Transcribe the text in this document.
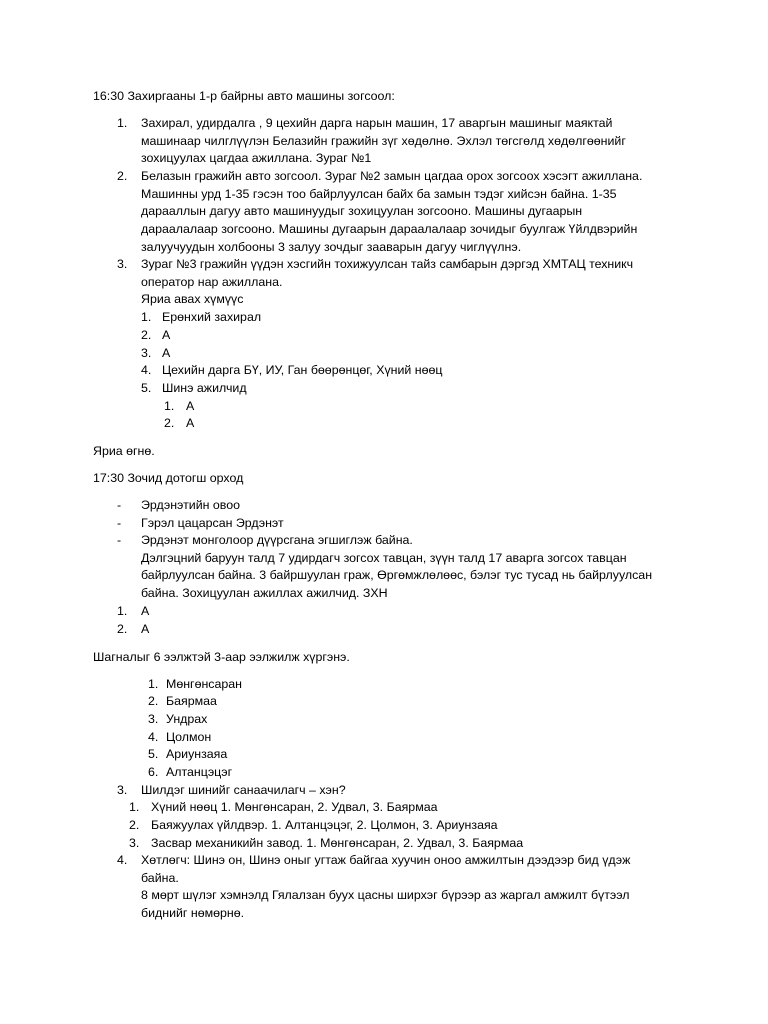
16:30 Захиргааны 1-р байрны авто машины зогсоол:
1. Захирал, удирдалга , 9 цехийн дарга нарын машин, 17 аваргын машиныг маяктай
машинаар чилглүүлэн Белазийн гражийн зүг хөдөлнө. Эхлэл төгсгөлд хөдөлгөөнийг
зохицуулах цагдаа ажиллана. Зураг №1
2. Белазын гражийн авто зогсоол. Зураг №2 замын цагдаа орох зогсоох хэсэгт ажиллана.
Машинны урд 1-35 гэсэн тоо байрлуулсан байх ба замын тэдэг хийсэн байна. 1-35
дарааллын дагуу авто машинуудыг зохицуулан зогсооно. Машины дугаарын
дараалалаар зогсооно. Машины дугаарын дараалалаар зочидыг буулгаж Үйлдвэрийн
залуучуудын холбооны 3 залуу зочдыг зааварын дагуу чиглүүлнэ.
3. Зураг №3 гражийн үүдэн хэсгийн тохижуулсан тайз самбарын дэргэд ХМТАЦ техникч
оператор нар ажиллана.
Яриа авах хүмүүс
1. Ерөнхий захирал
2. А
3. А
4. Цехийн дарга БҮ, ИУ, Ган бөөрөнцөг, Хүний нөөц
5. Шинэ ажилчид
1. А
2. А
Яриа өгнө.
17:30 Зочид дотогш орход
- Эрдэнэтийн овоо
- Гэрэл цацарсан Эрдэнэт
- Эрдэнэт монголоор дүүрсгана эгшиглэж байна.
Дэлгэцний баруун талд 7 удирдагч зогсох тавцан, зүүн талд 17 аварга зогсох тавцан
байрлуулсан байна. 3 байршуулан граж, Өргөмжлөлөөс, бэлэг тус тусад нь байрлуулсан
байна. Зохицуулан ажиллах ажилчид. ЗХН
1. А
2. А
Шагналыг 6 ээлжтэй 3-аар ээлжилж хүргэнэ.
1. Мөнгөнсаран
2. Баярмаа
3. Ундрах
4. Цолмон
5. Ариунзаяа
6. Алтанцэцэг
3. Шилдэг шинийг санаачилагч – хэн?
1. Хүний нөөц 1. Мөнгөнсаран, 2. Удвал, 3. Баярмаа
2. Баяжуулах үйлдвэр. 1. Алтанцэцэг, 2. Цолмон, 3. Ариунзаяа
3. Засвар механикийн завод. 1. Мөнгөнсаран, 2. Удвал, 3. Баярмаа
4. Хөтлөгч: Шинэ он, Шинэ оныг угтаж байгаа хуучин оноо амжилтын дээдээр бид үдэж
байна.
8 мөрт шүлэг хэмнэлд Гялалзан буух цасны ширхэг бүрээр аз жаргал амжилт бүтээл
биднийг нөмөрнө.
